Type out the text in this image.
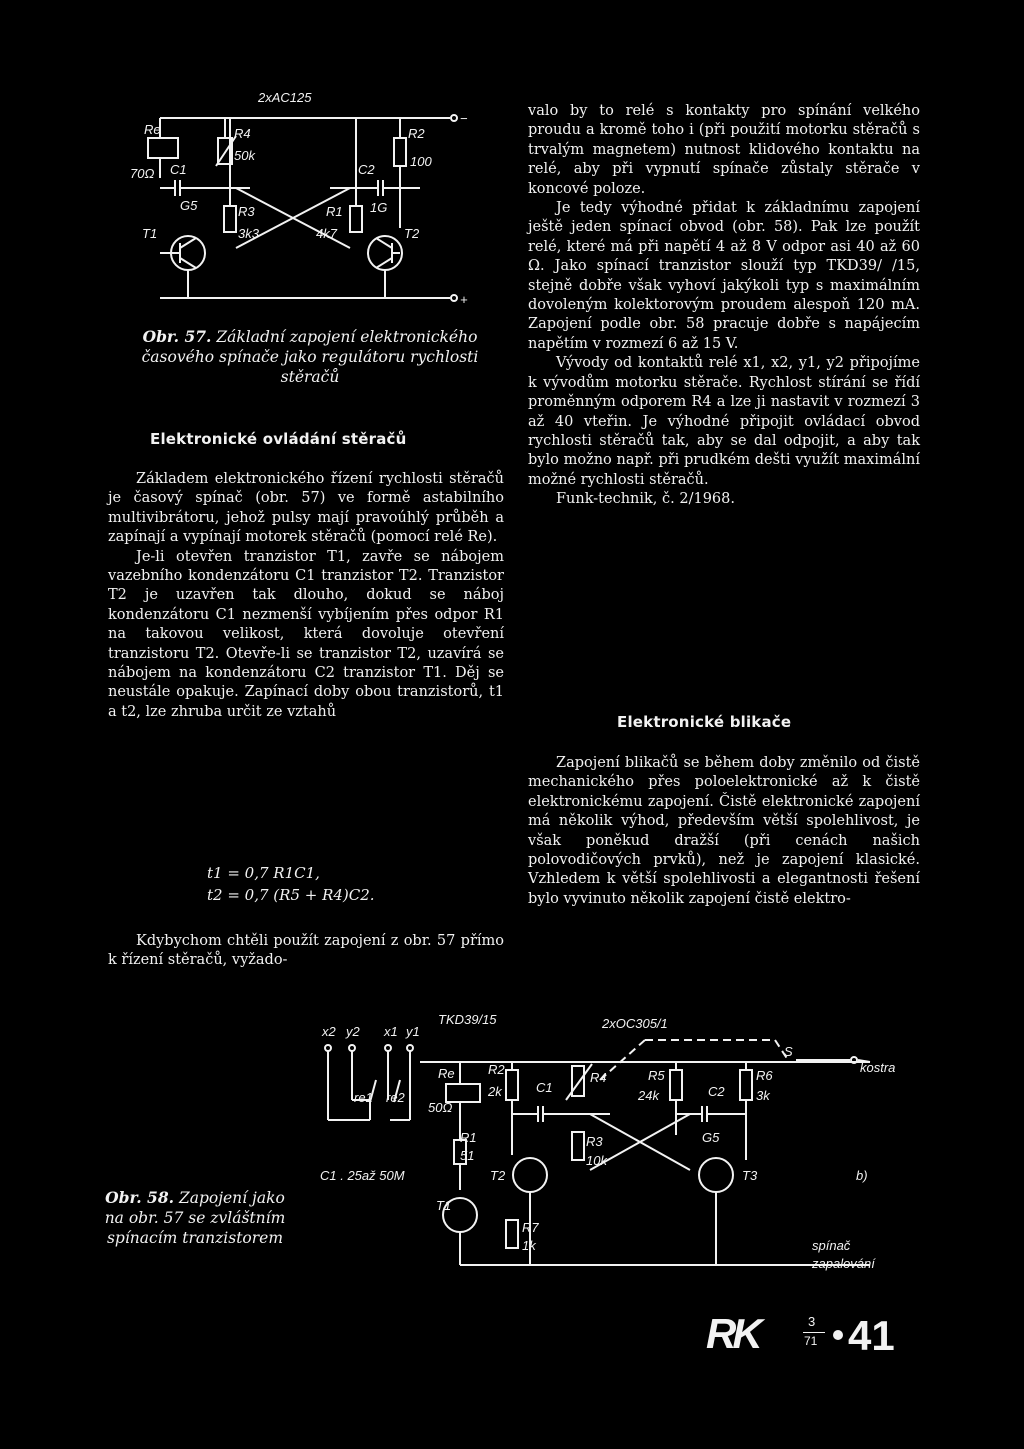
2xAC125
−
+
Re
70Ω C1
G5
R4
50k
R3
3k3
R1
4k7
C2
1G
R2
100
T1	T2
Obr. 57. Základní zapojení elektronického časového spínače jako regulátoru rychlosti stěračů
Elektronické ovládání stěračů

Základem elektronického řízení rychlosti stěračů je časový spínač (obr. 57) ve formě astabilního multivibrátoru, jehož pulsy mají pravoúhlý průběh a zapínají a vypínají motorek stěračů (pomocí relé Re).

Je-li otevřen tranzistor T1, zavře se nábojem vazebního kondenzátoru C1 tranzistor T2. Tranzistor T2 je uzavřen tak dlouho, dokud se náboj kondenzátoru C1 nezmenší vybíjením přes odpor R1 na takovou velikost, která dovoluje otevření tranzistoru T2. Otevře-li se tranzistor T2, uzavírá se nábojem na kondenzátoru C2 tranzistor T1. Děj se neustále opakuje. Zapínací doby obou tranzistorů, t1 a t2, lze zhruba určit ze vztahů

t1 = 0,7 R1C1,
t2 = 0,7 (R5 + R4)C2.

Kdybychom chtěli použít zapojení z obr. 57 přímo k řízení stěračů, vyžado-

valo by to relé s kontakty pro spínání velkého proudu a kromě toho i (při použití motorku stěračů s trvalým magnetem) nutnost klidového kontaktu na relé, aby při vypnutí spínače zůstaly stěrače v koncové poloze.

Je tedy výhodné přidat k základnímu zapojení ještě jeden spínací obvod (obr. 58). Pak lze použít relé, které má při napětí 4 až 8 V odpor asi 40 až 60 Ω. Jako spínací tranzistor slouží typ TKD39/ /15, stejně dobře však vyhoví jakýkoli typ s maximálním dovoleným kolektorovým proudem alespoň 120 mA. Zapojení podle obr. 58 pracuje dobře s napájecím napětím v rozmezí 6 až 15 V.

Vývody od kontaktů relé x1, x2, y1, y2 připojíme k vývodům motorku stěrače. Rychlost stírání se řídí proměnným odporem R4 a lze ji nastavit v rozmezí 3 až 40 vteřin. Je výhodné připojit ovládací obvod rychlosti stěračů tak, aby se dal odpojit, a aby tak bylo možno např. při prudkém dešti využít maximální možné rychlosti stěračů.

Funk-technik, č. 2/1968.

Elektronické blikače

Zapojení blikačů se během doby změnilo od čistě mechanického přes poloelektronické až k čistě elektronickému zapojení. Čistě elektronické zapojení má několik výhod, především větší spolehlivost, je však poněkud dražší (při cenách našich polovodičových prvků), než je zapojení klasické. Vzhledem k větší spolehlivosti a elegantnosti řešení bylo vyvinuto několik zapojení čistě elektro-

TKD39/15	2xOC305/1
x2 y2 x1 y1
re1 re2
Re
50Ω
R1
51
R2
2k	C1
R4
R3
10k
R5
24k	C2
G5
R6
3k
T2	T3
T1
C1 . 25až 50M
R7
1k
S
kostra
b)
spínač
zapalování
Obr. 58. Zapojení jako na obr. 57 se zvláštním spínacím tranzistorem
RK	3
71 41
